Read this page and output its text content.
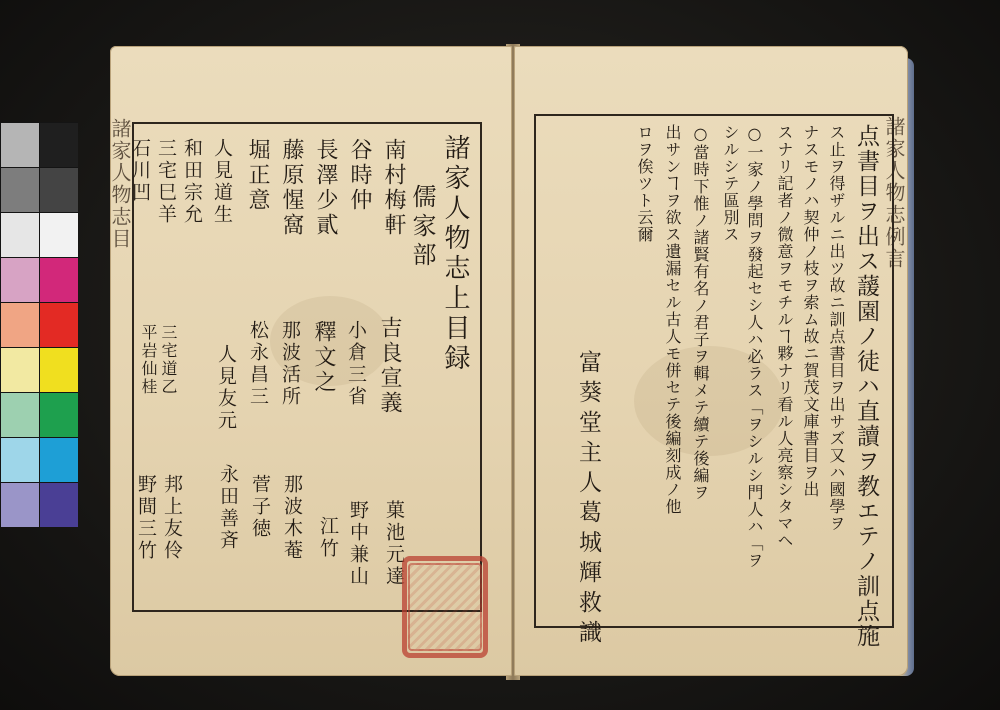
諸家人物志目	諸家人物志上目録
儒家部
南村梅軒
谷時仲
長澤少貳
藤原惺窩
堀正意
人見道生
和田宗允
三宅巳羊
石川凹
吉良宣義
小倉三省
釋文之
那波活所
松永昌三
人見友元
三宅道乙
平岩仙桂
菓池元達
野中兼山
江竹
那波木菴
菅子徳
永田善斉
邦上友伶
野間三竹
諸家人物志例言
点書目ヲ出ス蘐園ノ徒ハ直讀ヲ教エテノ訓点施
ス止ヲ得ザルニ出ツ故ニ訓点書目ヲ出サズ又ハ國學ヲ
ナスモノハ契仲ノ枝ヲ索ム故ニ賀茂文庫書目ヲ出
スナリ記者ノ微意ヲモチルヿ夥ナリ看ル人亮察シタマヘ
○一家ノ學問ヲ發起セシ人ハ必ラス「ヲシルシ門人ハ「ヲ
シルシテ區別ス
○當時下惟ノ諸賢有名ノ君子ヲ輯メテ續テ後編ヲ
出サンヿヲ欲ス遺漏セル古人モ併セテ後編刻成ノ他
ロヲ俟ツト云爾
富葵堂主人葛城輝救識
